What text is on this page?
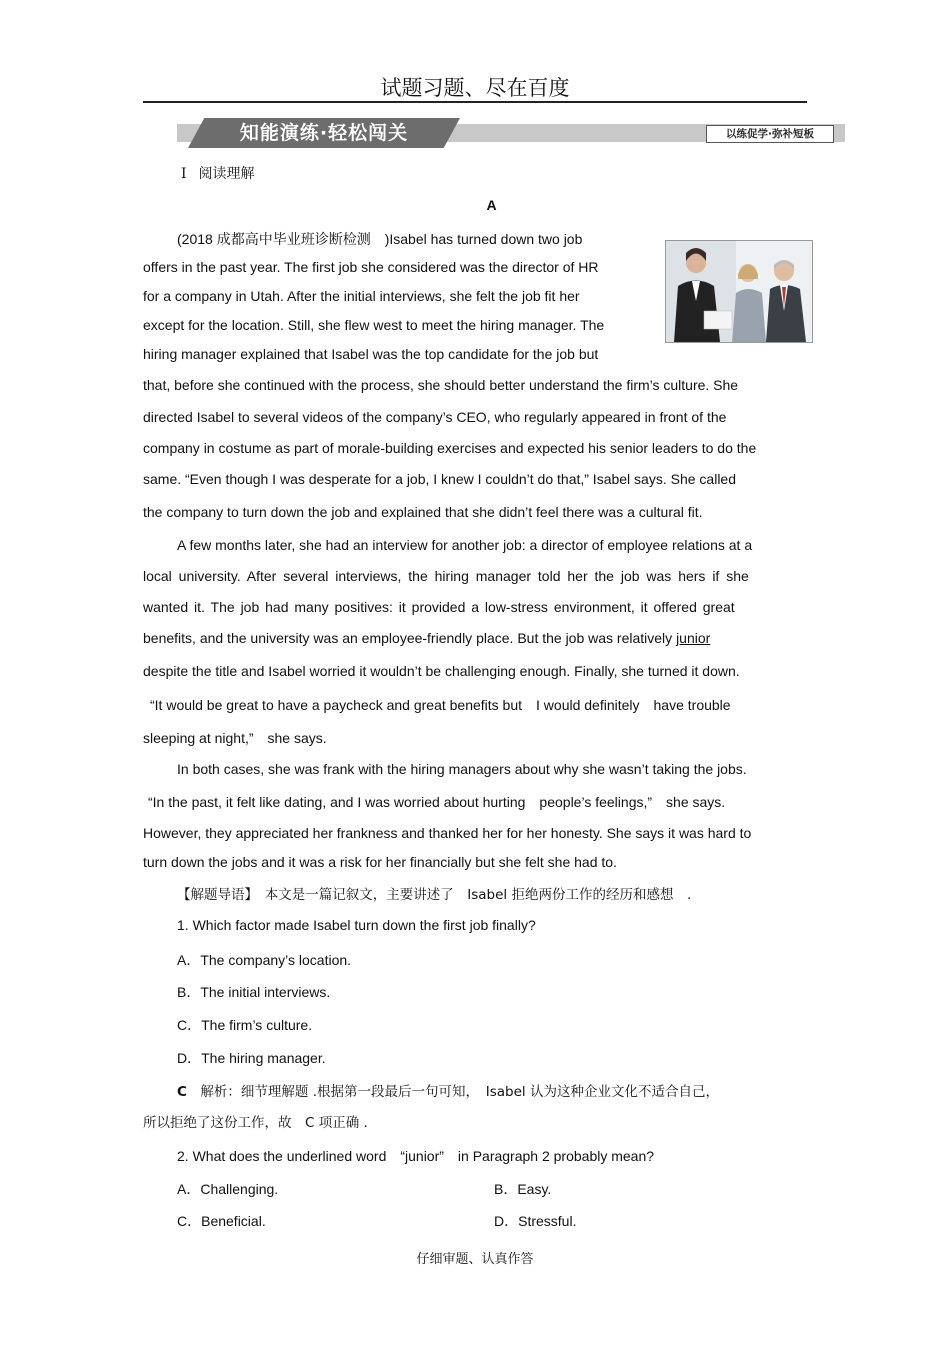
试题习题、尽在百度
知能演练·轻松闯关	以练促学·弥补短板
Ⅰ 阅读理解
A
(2018 成都高中毕业班诊断检测　)Isabel has turned down two job
offers in the past year. The first job she considered was the director of HR
for a company in Utah. After the initial interviews, she felt the job fit her
except for the location. Still, she flew west to meet the hiring manager. The
hiring manager explained that Isabel was the top candidate for the job but
that, before she continued with the process, she should better understand the firm’s culture. She
directed Isabel to several videos of the company’s CEO, who regularly appeared in front of the
company in costume as part of morale-building exercises and expected his senior leaders to do the
same. “Even though I was desperate for a job, I knew I couldn’t do that,” Isabel says. She called
the company to turn down the job and explained that she didn’t feel there was a cultural fit.
A few months later, she had an interview for another job: a director of employee relations at a
local university. After several interviews, the hiring manager told her the job was hers if she
wanted it. The job had many positives: it provided a low-stress environment, it offered great
benefits, and the university was an employee-friendly place. But the job was relatively junior
despite the title and Isabel worried it wouldn’t be challenging enough. Finally, she turned it down.
“It would be great to have a paycheck and great benefits but　I would definitely　have trouble
sleeping at night,”　she says.
In both cases, she was frank with the hiring managers about why she wasn’t taking the jobs.
“In the past, it felt like dating, and I was worried about hurting　people’s feelings,”　she says.
However, they appreciated her frankness and thanked her for her honesty. She says it was hard to
turn down the jobs and it was a risk for her financially but she felt she had to.
【解题导语】　 本文是一篇记叙文，主要讲述了　Isabel 拒绝两份工作的经历和感想　.
1. Which factor made Isabel turn down the first job finally?
A．The company’s location.
B．The initial interviews.
C．The firm’s culture.
D．The hiring manager.
C　 解析：细节理解题 .根据第一段最后一句可知，　Isabel 认为这种企业文化不适合自己，
所以拒绝了这份工作，故　C 项正确 .
2. What does the underlined word　“junior”　in Paragraph 2 probably mean?
A．Challenging.	B．Easy.
C．Beneficial.	D．Stressful.
仔细审题、认真作答
